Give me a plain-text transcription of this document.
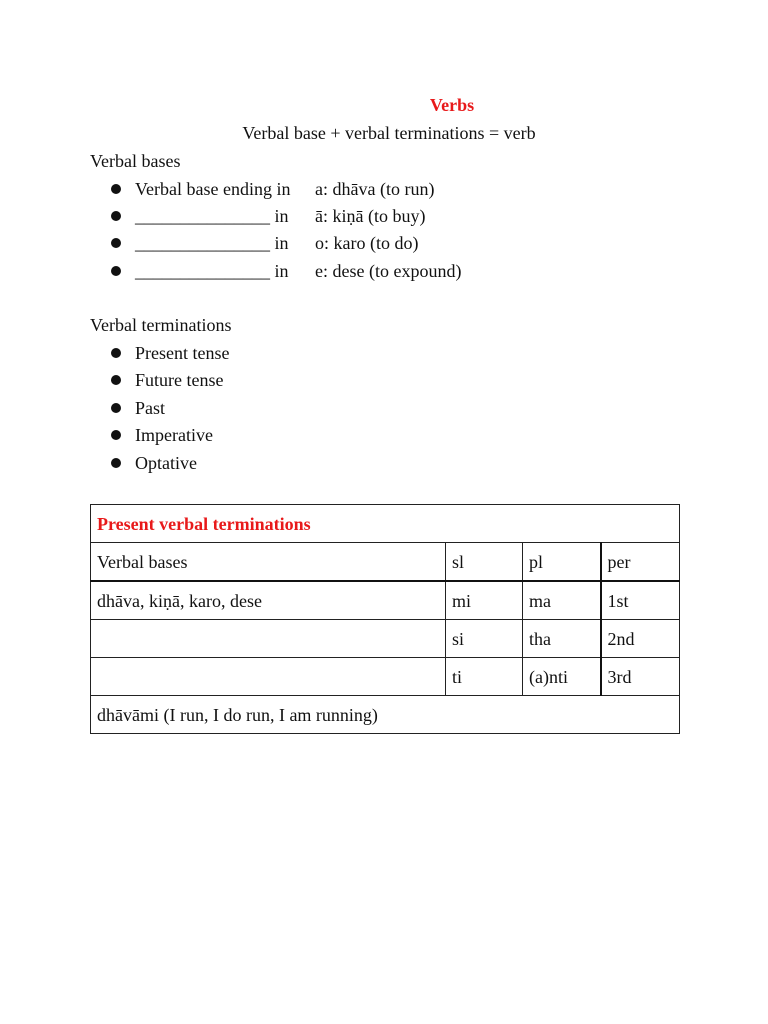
Verbs
Verbal base + verbal terminations = verb
Verbal bases
Verbal base ending in	a: dhāva (to run)
_______________ in	ā: kiṇā (to buy)
_______________ in	o: karo (to do)
_______________ in	e: dese (to expound)
Verbal terminations
Present tense
Future tense
Past
Imperative
Optative
Present verbal terminations			
Verbal bases	sl	pl	per
dhāva, kiṇā, karo, dese	mi	ma	1st
	si	tha	2nd
	ti	(a)nti	3rd
dhāvāmi (I run, I do run, I am running)			
